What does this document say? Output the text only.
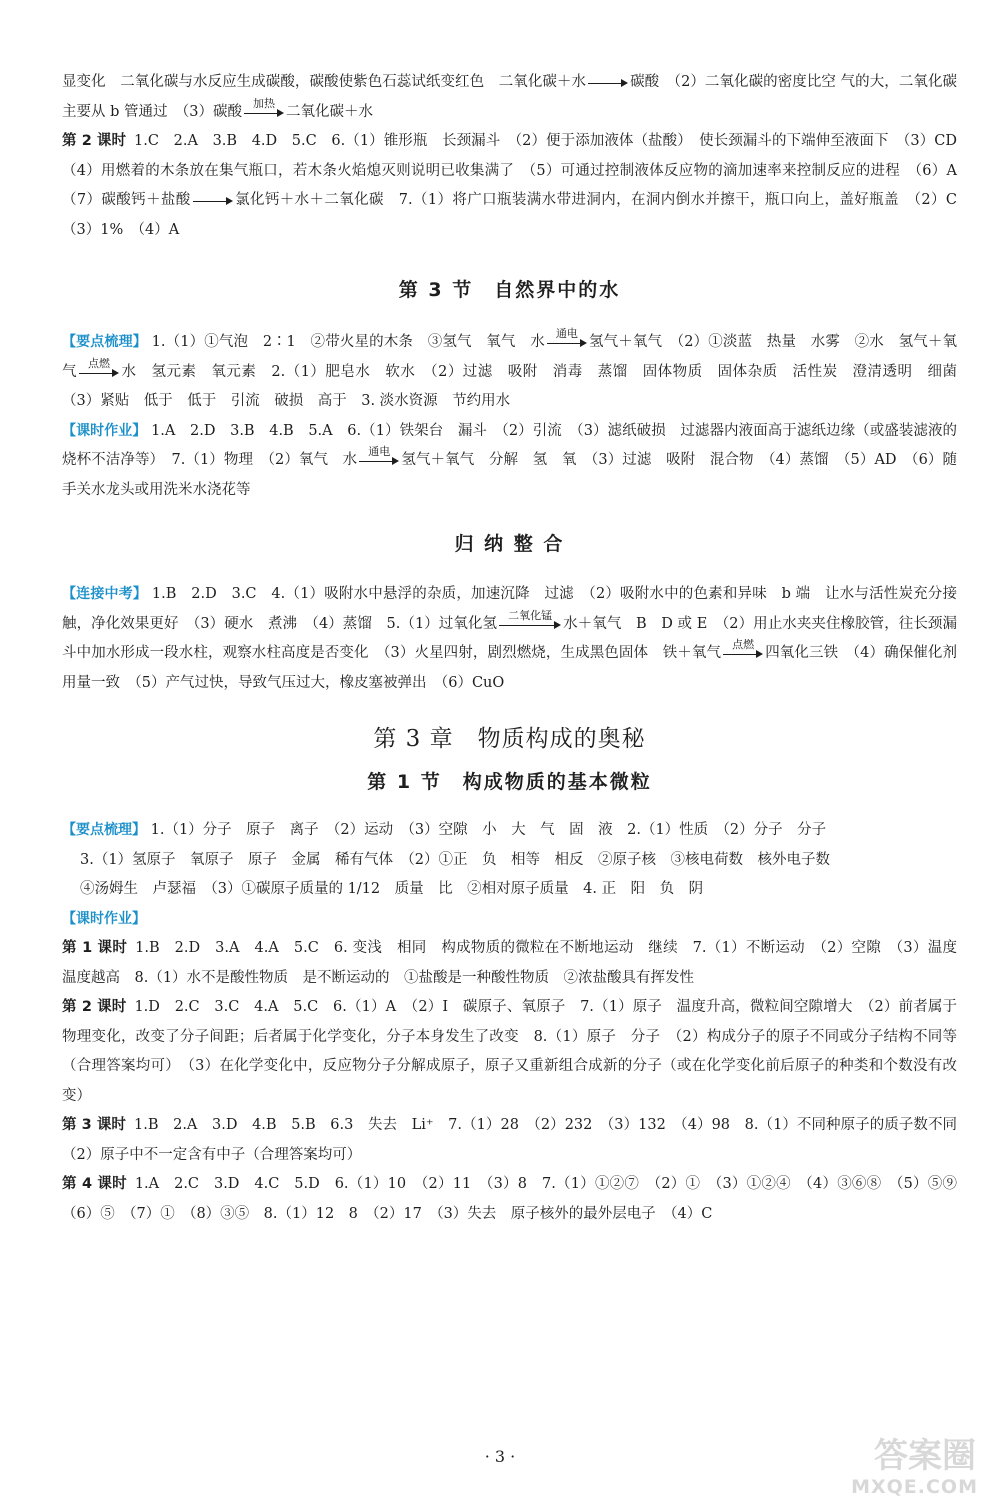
显变化　二氧化碳与水反应生成碳酸，碳酸使紫色石蕊试纸变红色　二氧化碳＋水	碳酸　（2）二氧化碳的密度比空 气的大，二氧化碳主要从 b 管通过　（3）碳酸
加热
二氧化碳＋水

第 2 课时 1.C　2.A　3.B　4.D　5.C　6.（1）锥形瓶　长颈漏斗　（2）便于添加液体（盐酸）　使长颈漏斗的下端伸至液面下　（3）CD　（4）用燃着的木条放在集气瓶口，若木条火焰熄灭则说明已收集满了　（5）可通过控制液体反应物的滴加速率来控制反应的进程　（6）A　（7）碳酸钙＋盐酸	氯化钙＋水＋二氧化碳　7.（1）将广口瓶装满水带进洞内，在洞内倒水并擦干，瓶口向上，盖好瓶盖　（2）C　（3）1%　（4）A

第 3 节　自然界中的水

【要点梳理】 1.（1）①气泡　2∶1　②带火星的木条　③氢气　氧气　水
通电
氢气＋氧气　（2）①淡蓝　热量　水雾　②水　氢气＋氧气
点燃
水　氢元素　氧元素　2.（1）肥皂水　软水　（2）过滤　吸附　消毒　蒸馏　固体物质　固体杂质　活性炭　澄清透明　细菌　（3）紧贴　低于　低于　引流　破损　高于　3. 淡水资源　节约用水

【课时作业】 1.A　2.D　3.B　4.B　5.A　6.（1）铁架台　漏斗　（2）引流　（3）滤纸破损　过滤器内液面高于滤纸边缘（或盛装滤液的烧杯不洁净等）　7.（1）物理　（2）氧气　水
通电
氢气＋氧气　分解　氢　氧　（3）过滤　吸附　混合物　（4）蒸馏　（5）AD　（6）随手关水龙头或用洗米水浇花等

归 纳 整 合

【连接中考】 1.B　2.D　3.C　4.（1）吸附水中悬浮的杂质，加速沉降　过滤　（2）吸附水中的色素和异味　b 端　让水与活性炭充分接触，净化效果更好　（3）硬水　煮沸　（4）蒸馏　5.（1）过氧化氢
二氧化锰
水＋氧气　B　D 或 E　（2）用止水夹夹住橡胶管，往长颈漏斗中加水形成一段水柱，观察水柱高度是否变化　（3）火星四射，剧烈燃烧，生成黑色固体　铁＋氧气
点燃
四氧化三铁　（4）确保催化剂用量一致　（5）产气过快，导致气压过大，橡皮塞被弹出　（6）CuO

第 3 章　物质构成的奥秘
第 1 节　构成物质的基本微粒

【要点梳理】 1.（1）分子　原子　离子　（2）运动　（3）空隙　小　大　气　固　液　2.（1）性质　（2）分子　分子

3.（1）氢原子　氧原子　原子　金属　稀有气体　（2）①正　负　相等　相反　②原子核　③核电荷数　核外电子数

④汤姆生　卢瑟福　（3）①碳原子质量的 1/12　质量　比　②相对原子质量　4. 正　阳　负　阴

【课时作业】

第 1 课时 1.B　2.D　3.A　4.A　5.C　6. 变浅　相同　构成物质的微粒在不断地运动　继续　7.（1）不断运动　（2）空隙　（3）温度　温度越高　8.（1）水不是酸性物质　是不断运动的　①盐酸是一种酸性物质　②浓盐酸具有挥发性

第 2 课时 1.D　2.C　3.C　4.A　5.C　6.（1）A　（2）Ⅰ　碳原子、氧原子　7.（1）原子　温度升高，微粒间空隙增大　（2）前者属于物理变化，改变了分子间距；后者属于化学变化，分子本身发生了改变　8.（1）原子　分子　（2）构成分子的原子不同或分子结构不同等（合理答案均可）　（3）在化学变化中，反应物分子分解成原子，原子又重新组合成新的分子（或在化学变化前后原子的种类和个数没有改变）

第 3 课时 1.B　2.A　3.D　4.B　5.B　6.3　失去　Li⁺　7.（1）28　（2）232　（3）132　（4）98　8.（1）不同种原子的质子数不同　（2）原子中不一定含有中子（合理答案均可）

第 4 课时 1.A　2.C　3.D　4.C　5.D　6.（1）10　（2）11　（3）8　7.（1）①②⑦　（2）①　（3）①②④　（4）③⑥⑧　（5）⑤⑨　（6）⑤　（7）①　（8）③⑤　8.（1）12　8　（2）17　（3）失去　原子核外的最外层电子　（4）C

· 3 ·	答案圈
MXQE.COM
